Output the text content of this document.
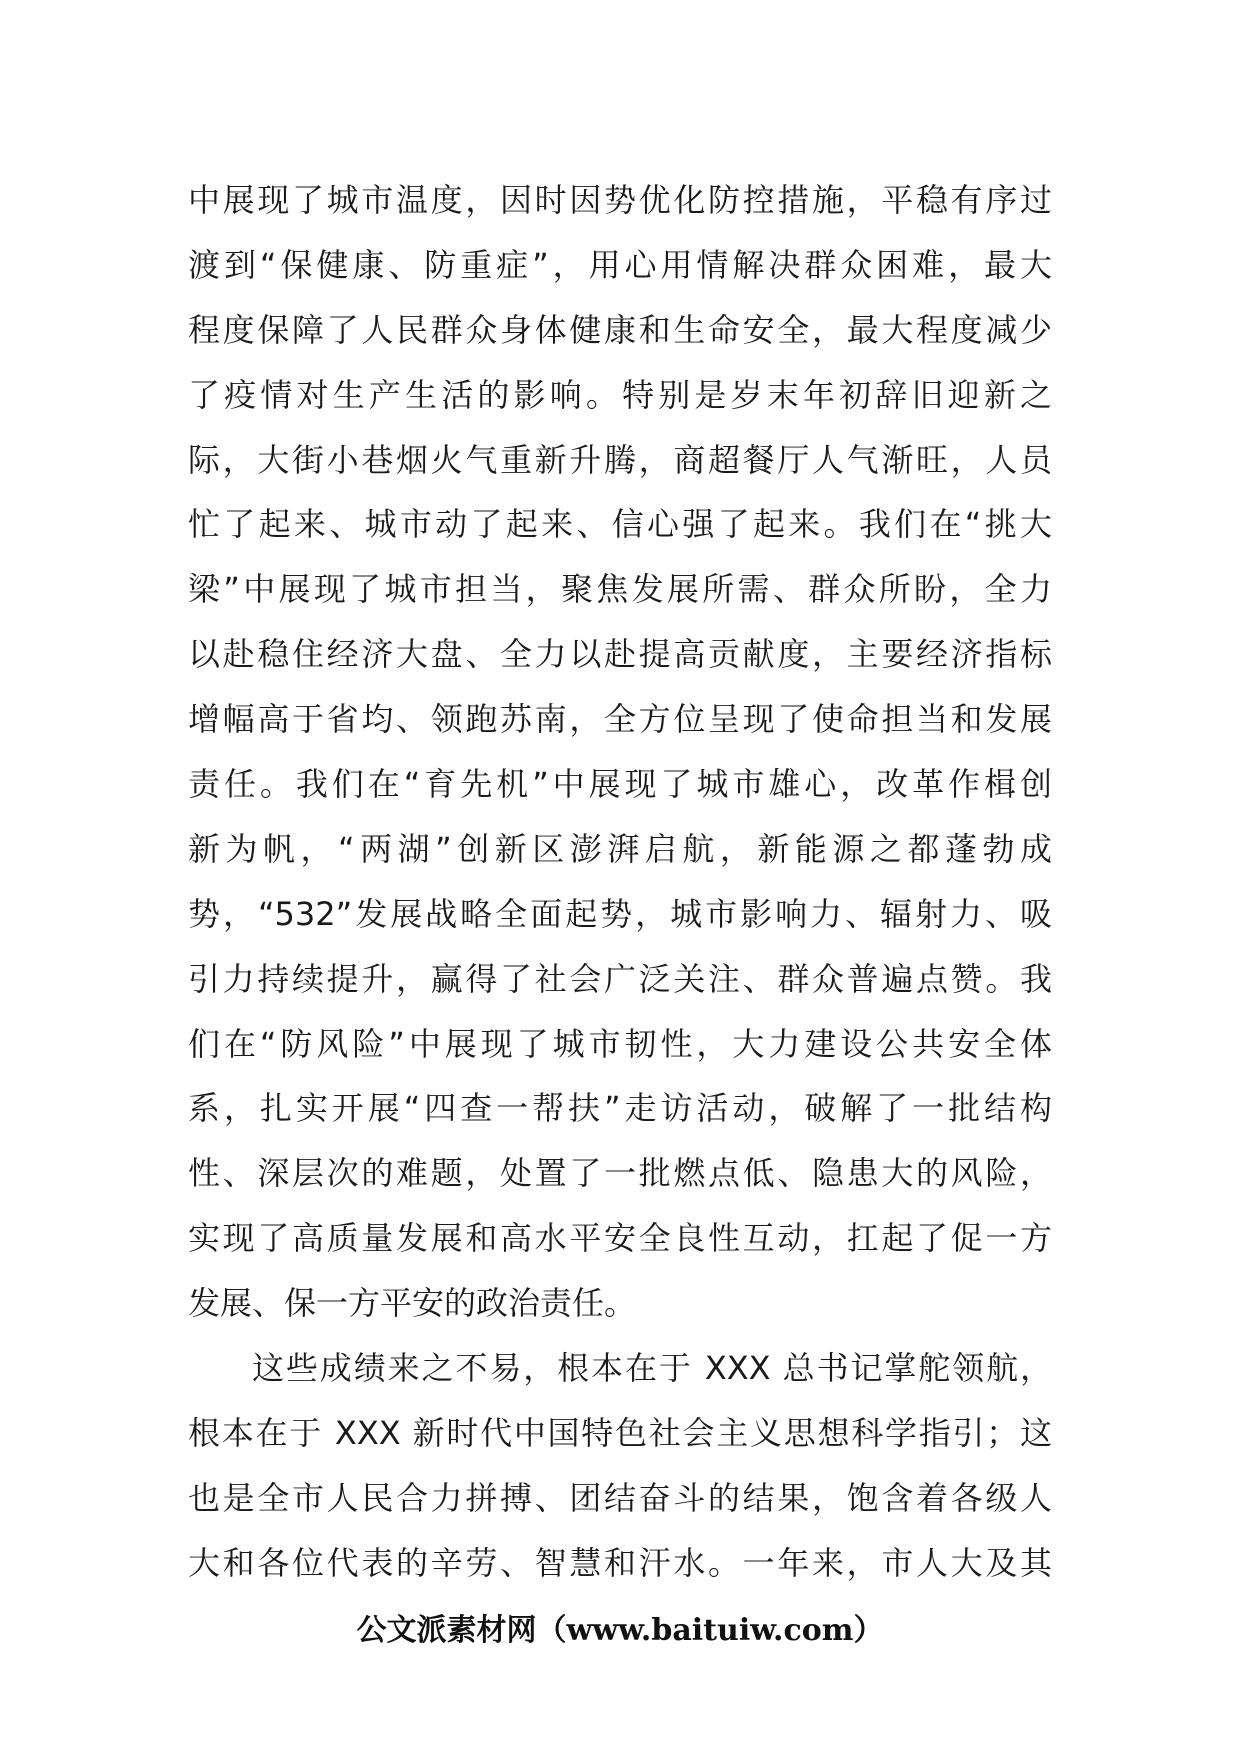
中展现了城市温度，因时因势优化防控措施，平稳有序过
渡到“保健康、防重症”，用心用情解决群众困难，最大
程度保障了人民群众身体健康和生命安全，最大程度减少
了疫情对生产生活的影响。特别是岁末年初辞旧迎新之
际，大街小巷烟火气重新升腾，商超餐厅人气渐旺，人员
忙了起来、城市动了起来、信心强了起来。我们在“挑大
梁”中展现了城市担当，聚焦发展所需、群众所盼，全力
以赴稳住经济大盘、全力以赴提高贡献度，主要经济指标
增幅高于省均、领跑苏南，全方位呈现了使命担当和发展
责任。我们在“育先机”中展现了城市雄心，改革作楫创
新为帆，“两湖”创新区澎湃启航，新能源之都蓬勃成
势，“532”发展战略全面起势，城市影响力、辐射力、吸
引力持续提升，赢得了社会广泛关注、群众普遍点赞。我
们在“防风险”中展现了城市韧性，大力建设公共安全体
系，扎实开展“四查一帮扶”走访活动，破解了一批结构
性、深层次的难题，处置了一批燃点低、隐患大的风险，
实现了高质量发展和高水平安全良性互动，扛起了促一方
发展、保一方平安的政治责任。
这些成绩来之不易，根本在于 XXX 总书记掌舵领航，
根本在于 XXX 新时代中国特色社会主义思想科学指引；这
也是全市人民合力拼搏、团结奋斗的结果，饱含着各级人
大和各位代表的辛劳、智慧和汗水。一年来，市人大及其
公文派素材网（www.baituiw.com）
